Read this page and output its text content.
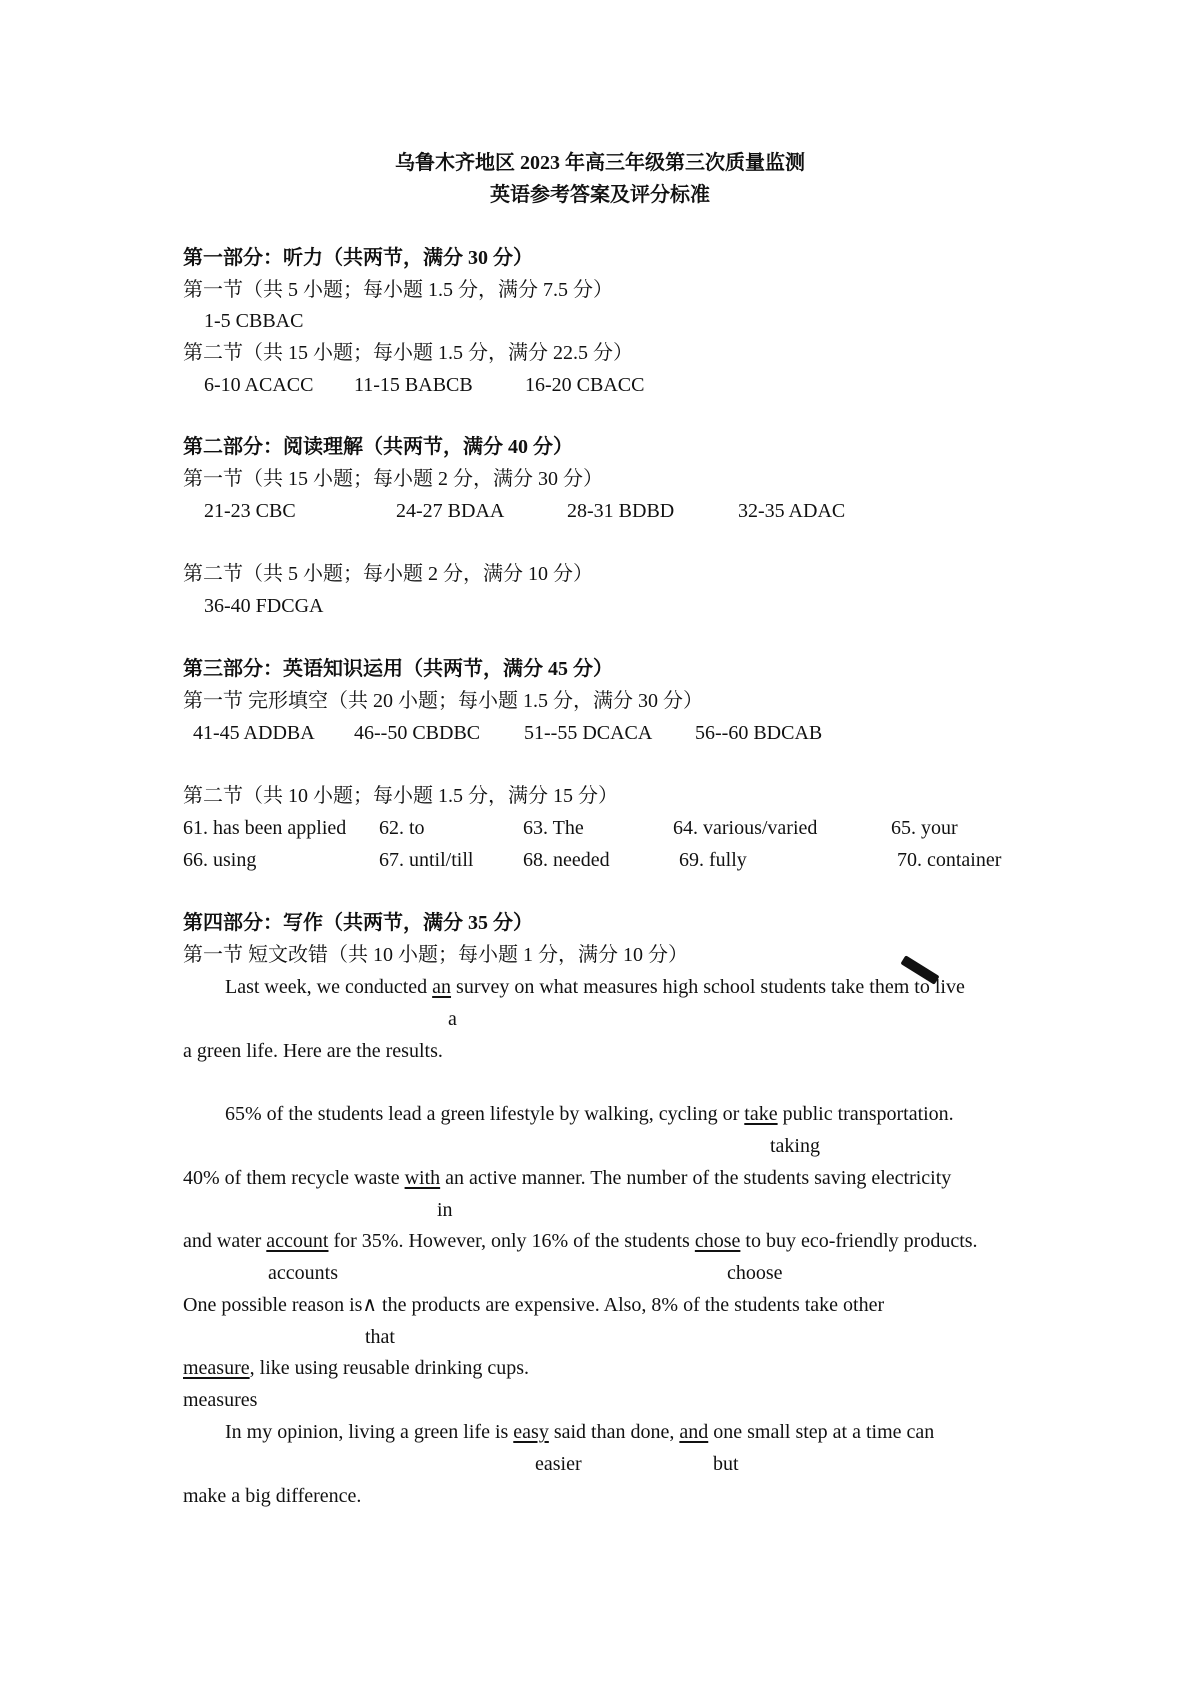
乌鲁木齐地区 2023 年高三年级第三次质量监测
英语参考答案及评分标准
第一部分：听力（共两节，满分 30 分）
第一节（共 5 小题；每小题 1.5 分，满分 7.5 分）
1-5 CBBAC
第二节（共 15 小题；每小题 1.5 分，满分 22.5 分）
6-10 ACACC 11-15 BABCB	16-20 CBACC
第二部分：阅读理解（共两节，满分 40 分）
第一节（共 15 小题；每小题 2 分，满分 30 分）
21-23 CBC	24-27 BDAA	28-31 BDBD	32-35 ADAC
第二节（共 5 小题；每小题 2 分，满分 10 分）
36-40 FDCGA
第三部分：英语知识运用（共两节，满分 45 分）
第一节 完形填空（共 20 小题；每小题 1.5 分，满分 30 分）
41-45 ADDBA 46--50 CBDBC 51--55 DCACA 56--60 BDCAB
第二节（共 10 小题；每小题 1.5 分，满分 15 分）
61. has been applied 62. to	63. The	64. various/varied	65. your
66. using	67. until/till 68. needed	69. fully	70. container
第四部分：写作（共两节，满分 35 分）
第一节 短文改错（共 10 小题；每小题 1 分，满分 10 分）
Last week, we conducted an survey on what measures high school students take them to live
a
a green life. Here are the results.
65% of the students lead a green lifestyle by walking, cycling or take public transportation.
taking
40% of them recycle waste with an active manner. The number of the students saving electricity
in
and water account for 35%. However, only 16% of the students chose to buy eco-friendly products.
accounts	choose
One possible reason is∧ the products are expensive. Also, 8% of the students take other
that
measure, like using reusable drinking cups.
measures
In my opinion, living a green life is easy said than done, and one small step at a time can
easier	but
make a big difference.
